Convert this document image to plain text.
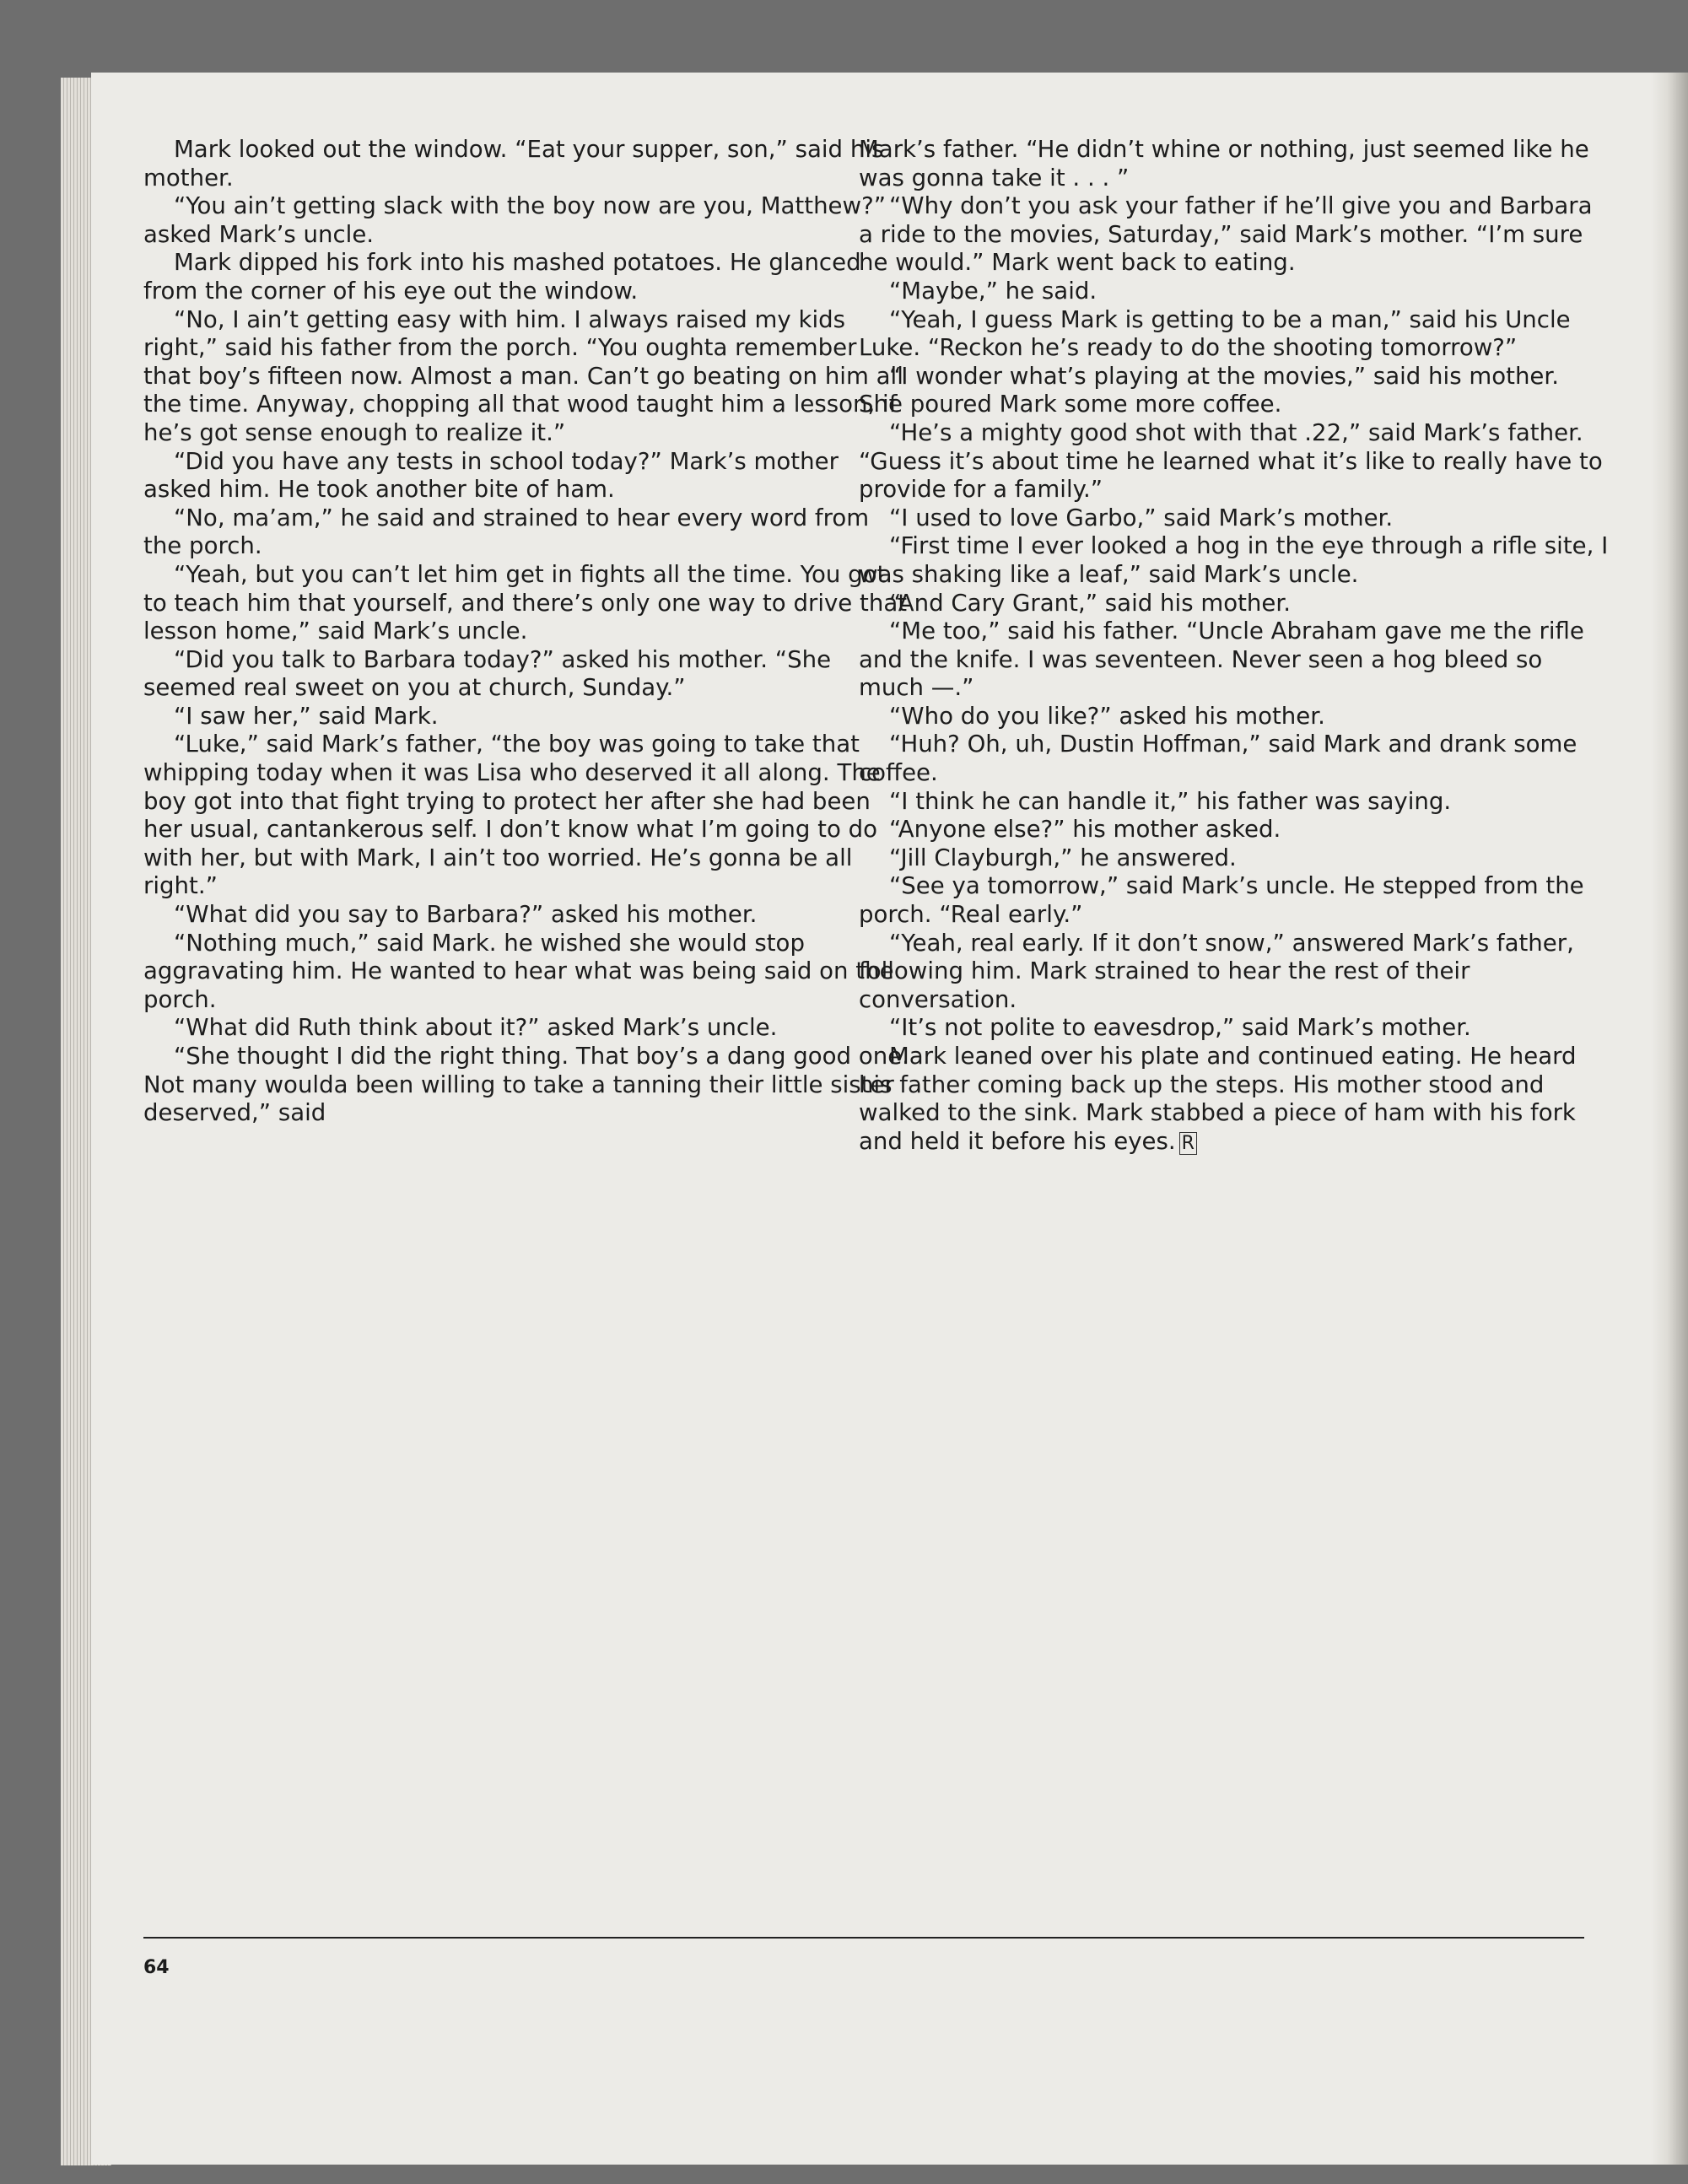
Mark looked out the window. “Eat your supper, son,” said his mother.

“You ain’t getting slack with the boy now are you, Matthew?” asked Mark’s uncle.

Mark dipped his fork into his mashed potatoes. He glanced from the corner of his eye out the window.

“No, I ain’t getting easy with him. I always raised my kids right,” said his father from the porch. “You oughta remember that boy’s fifteen now. Almost a man. Can’t go beating on him all the time. Anyway, chopping all that wood taught him a lesson, if he’s got sense enough to realize it.”

“Did you have any tests in school today?” Mark’s mother asked him. He took another bite of ham.

“No, ma’am,” he said and strained to hear every word from the porch.

“Yeah, but you can’t let him get in fights all the time. You got to teach him that yourself, and there’s only one way to drive that lesson home,” said Mark’s uncle.

“Did you talk to Barbara today?” asked his mother. “She seemed real sweet on you at church, Sunday.”

“I saw her,” said Mark.

“Luke,” said Mark’s father, “the boy was going to take that whipping today when it was Lisa who deserved it all along. The boy got into that fight trying to protect her after she had been her usual, cantankerous self. I don’t know what I’m going to do with her, but with Mark, I ain’t too worried. He’s gonna be all right.”

“What did you say to Barbara?” asked his mother.

“Nothing much,” said Mark. he wished she would stop aggravating him. He wanted to hear what was being said on the porch.

“What did Ruth think about it?” asked Mark’s uncle.

“She thought I did the right thing. That boy’s a dang good one. Not many woulda been willing to take a tanning their little sister deserved,” said

Mark’s father. “He didn’t whine or nothing, just seemed like he was gonna take it . . . ”

“Why don’t you ask your father if he’ll give you and Barbara a ride to the movies, Saturday,” said Mark’s mother. “I’m sure he would.” Mark went back to eating.

“Maybe,” he said.

“Yeah, I guess Mark is getting to be a man,” said his Uncle Luke. “Reckon he’s ready to do the shooting tomorrow?”

“I wonder what’s playing at the movies,” said his mother. She poured Mark some more coffee.

“He’s a mighty good shot with that .22,” said Mark’s father. “Guess it’s about time he learned what it’s like to really have to provide for a family.”

“I used to love Garbo,” said Mark’s mother.

“First time I ever looked a hog in the eye through a rifle site, I was shaking like a leaf,” said Mark’s uncle.

“And Cary Grant,” said his mother.

“Me too,” said his father. “Uncle Abraham gave me the rifle and the knife. I was seventeen. Never seen a hog bleed so much —.”

“Who do you like?” asked his mother.

“Huh? Oh, uh, Dustin Hoffman,” said Mark and drank some coffee.

“I think he can handle it,” his father was saying.

“Anyone else?” his mother asked.

“Jill Clayburgh,” he answered.

“See ya tomorrow,” said Mark’s uncle. He stepped from the porch. “Real early.”

“Yeah, real early. If it don’t snow,” answered Mark’s father, following him. Mark strained to hear the rest of their conversation.

“It’s not polite to eavesdrop,” said Mark’s mother.

Mark leaned over his plate and continued eating. He heard his father coming back up the steps. His mother stood and walked to the sink. Mark stabbed a piece of ham with his fork and held it before his eyes. R

64
